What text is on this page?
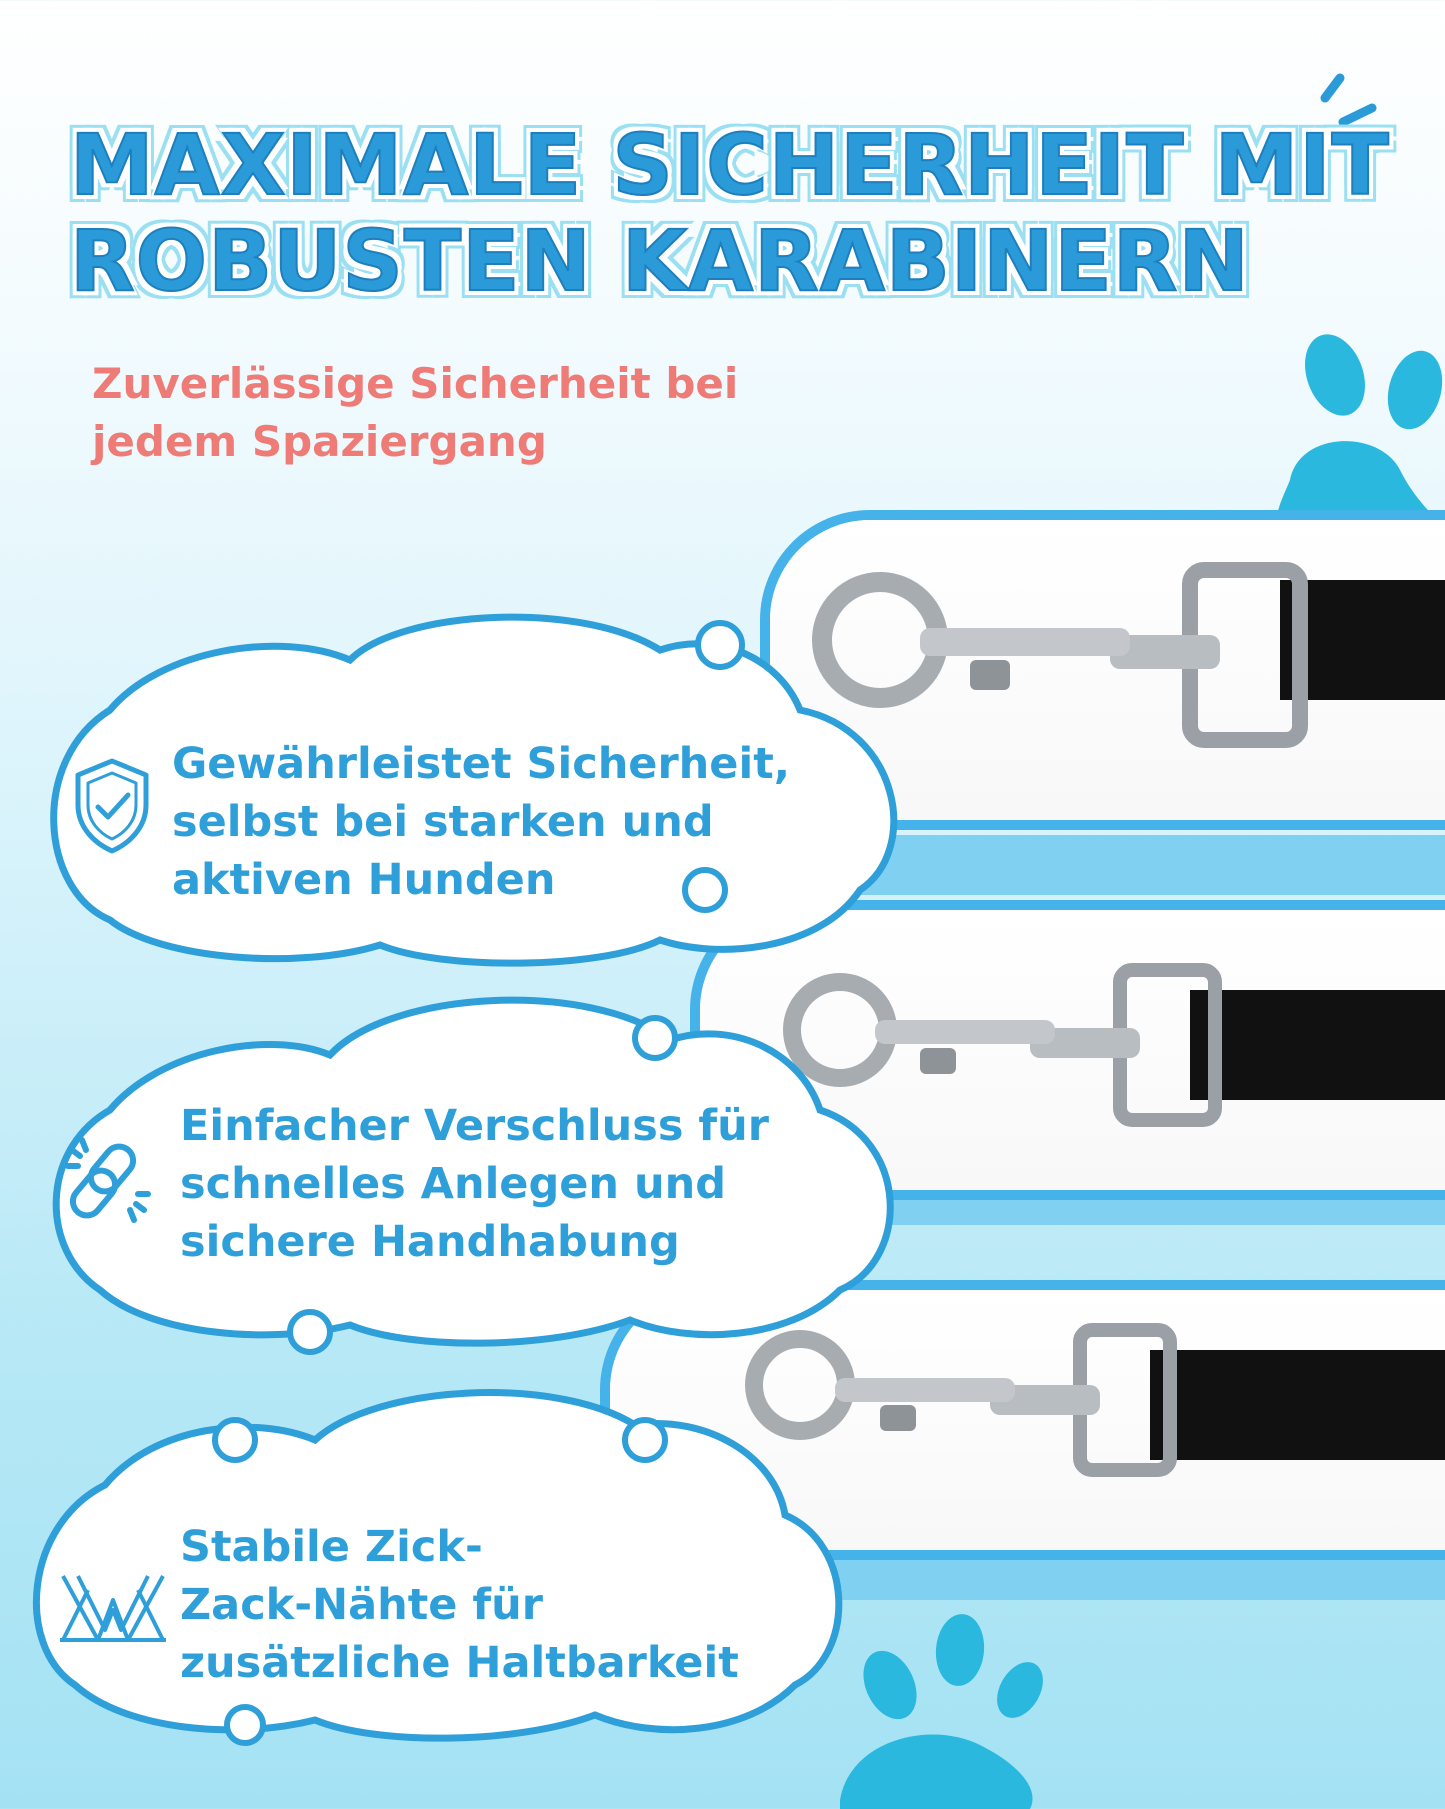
Gewährleistet Sicherheit,
selbst bei starken und
aktiven Hunden
Einfacher Verschluss für
schnelles Anlegen und
sichere Handhabung
Stabile Zick-
Zack-Nähte für
zusätzliche Haltbarkeit
MAXIMALE SICHERHEIT MIT
ROBUSTEN KARABINERN

Zuverlässige Sicherheit bei
jedem Spaziergang
